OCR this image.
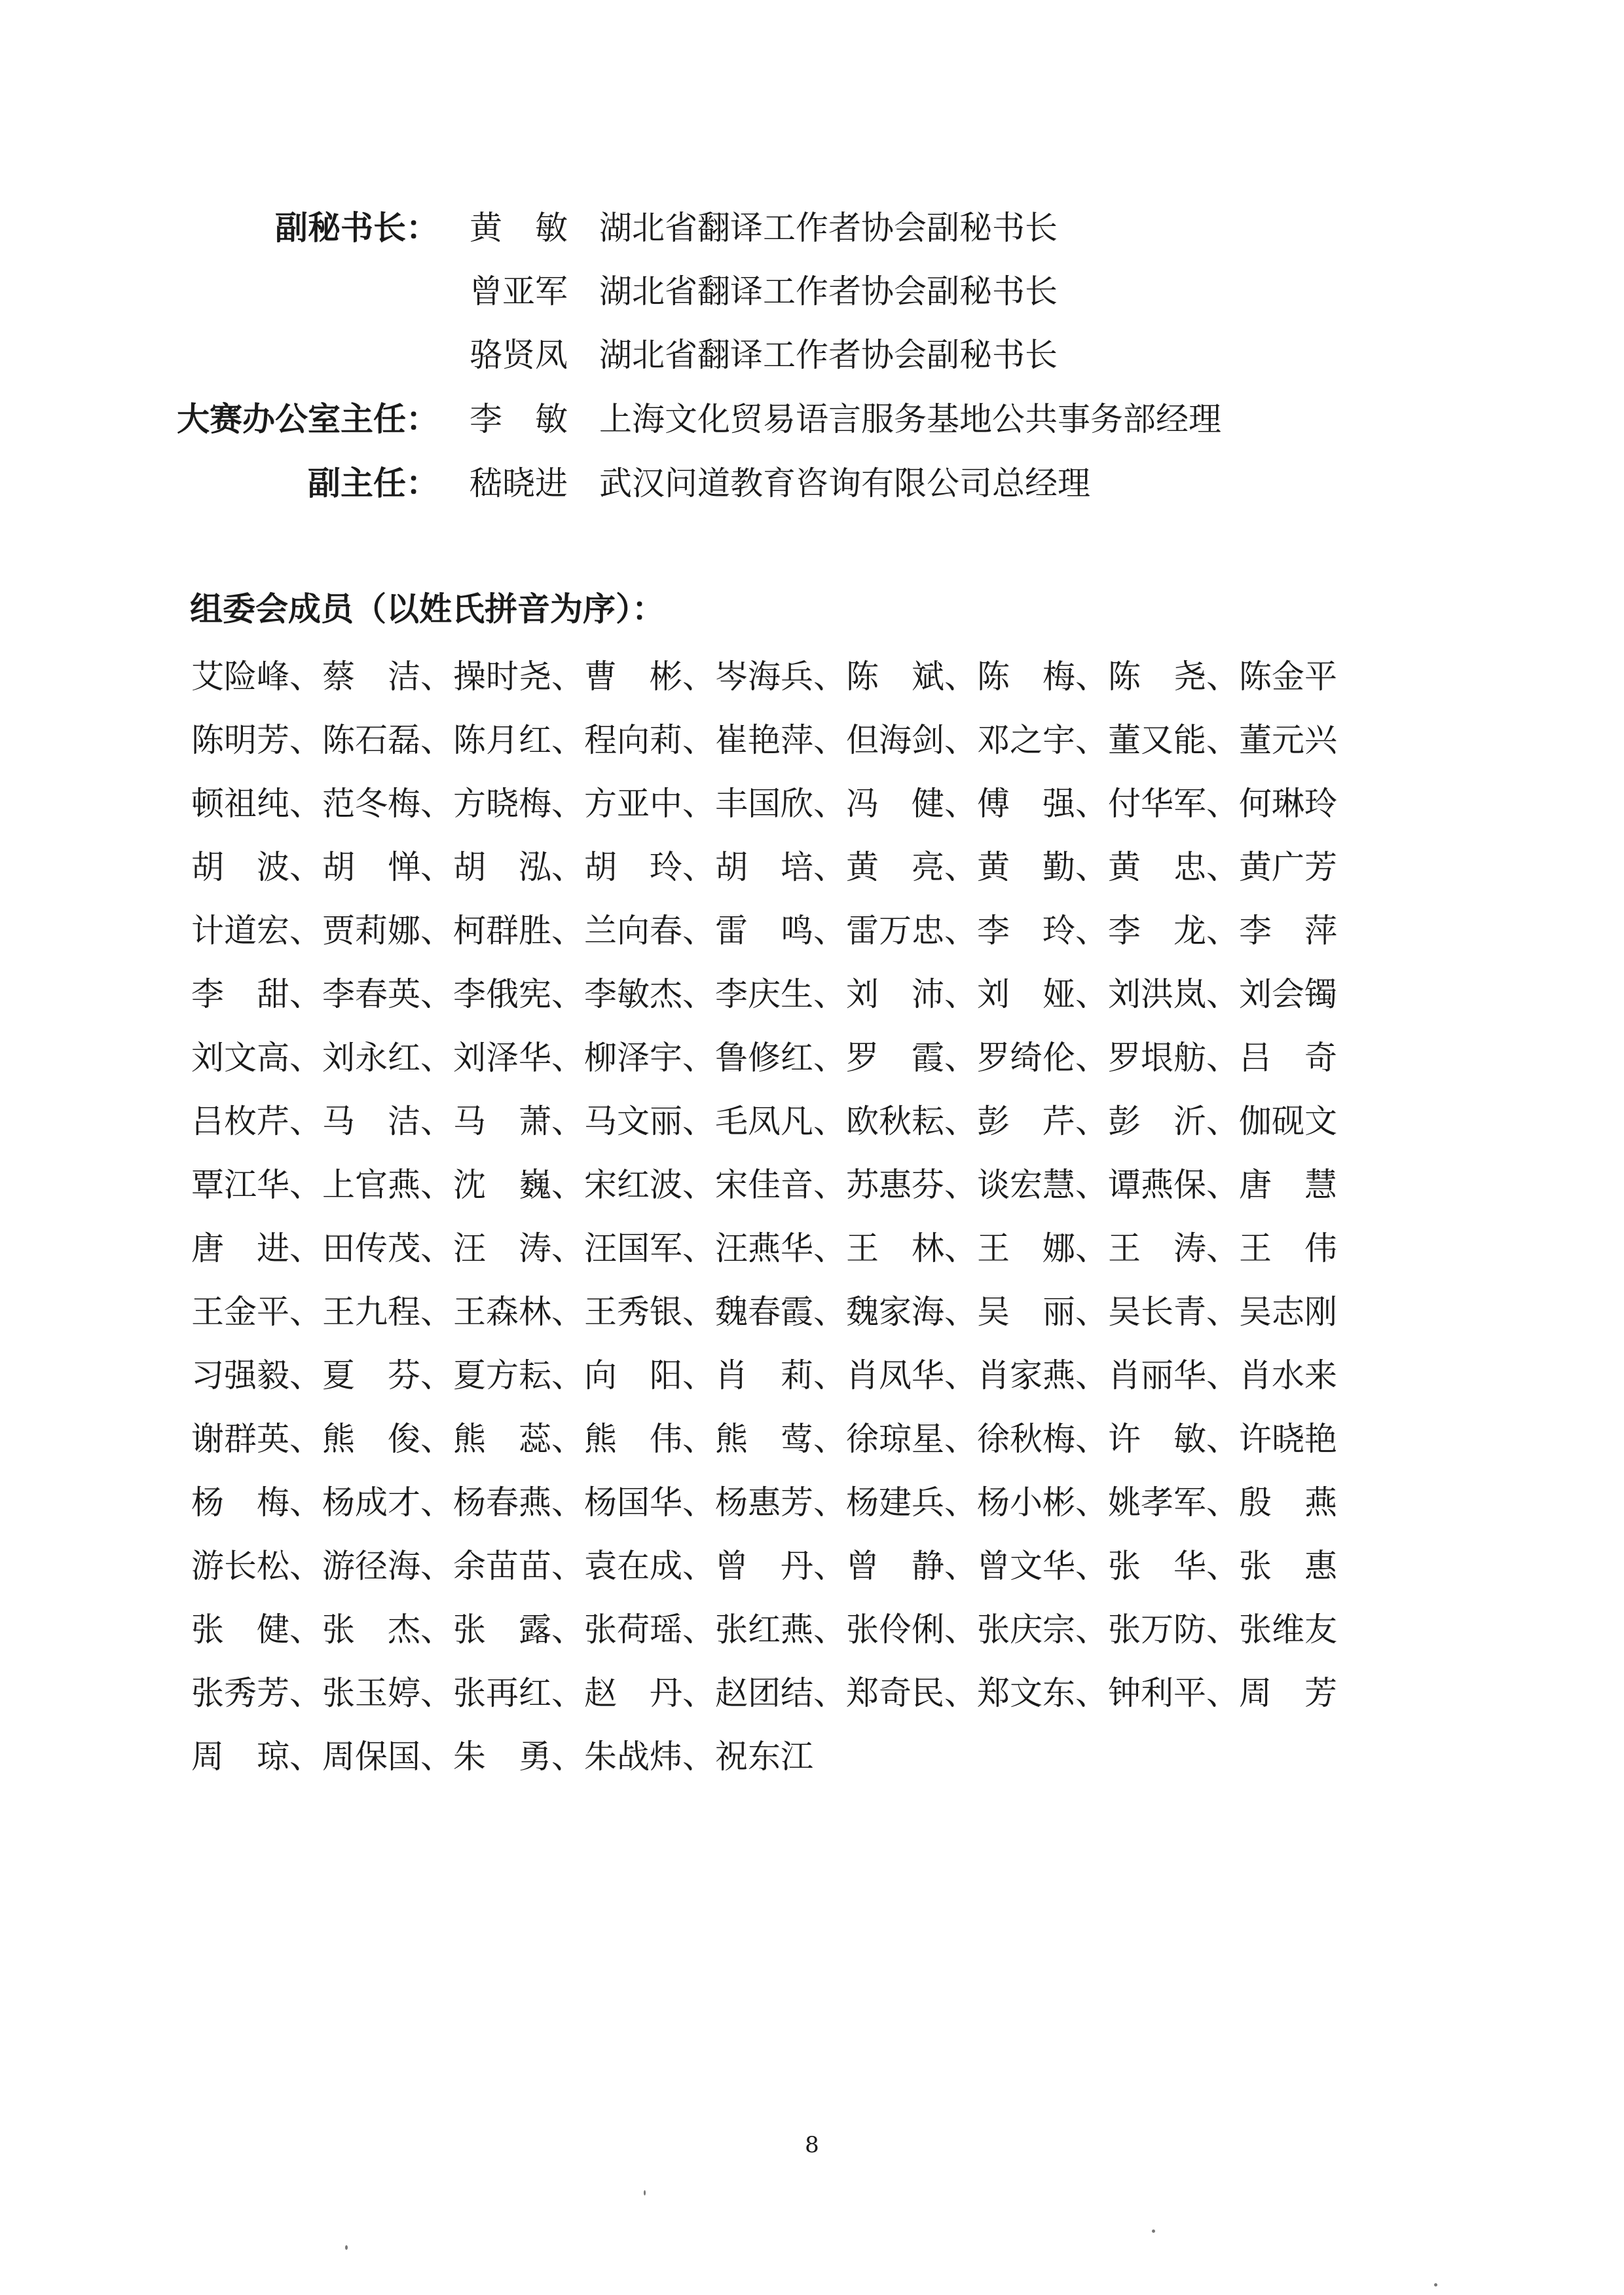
副秘书长： 黄敏 湖北省翻译工作者协会副秘书长
曾亚军 湖北省翻译工作者协会副秘书长
骆贤凤 湖北省翻译工作者协会副秘书长
大赛办公室主任： 李敏 上海文化贸易语言服务基地公共事务部经理
副主任： 嵇晓进 武汉问道教育咨询有限公司总经理
组委会成员（以姓氏拼音为序）：
艾险峰、 蔡洁、 操时尧、 曹彬、 岑海兵、 陈斌、 陈梅、 陈尧、 陈金平
陈明芳、 陈石磊、 陈月红、 程向莉、 崔艳萍、 但海剑、 邓之宇、 董又能、 董元兴
顿祖纯、 范冬梅、 方晓梅、 方亚中、 丰国欣、 冯健、 傅强、 付华军、 何琳玲
胡波、 胡惮、 胡泓、 胡玲、 胡培、 黄亮、 黄勤、 黄忠、 黄广芳
计道宏、 贾莉娜、 柯群胜、 兰向春、 雷鸣、 雷万忠、 李玲、 李龙、 李萍
李甜、 李春英、 李俄宪、 李敏杰、 李庆生、 刘沛、 刘娅、 刘洪岚、 刘会镯
刘文高、 刘永红、 刘泽华、 柳泽宇、 鲁修红、 罗霞、 罗绮伦、 罗垠舫、 吕奇
吕枚芹、 马洁、 马萧、 马文丽、 毛凤凡、 欧秋耘、 彭芹、 彭沂、 伽砚文
覃江华、 上官燕、 沈巍、 宋红波、 宋佳音、 苏惠芬、 谈宏慧、 谭燕保、 唐慧
唐进、 田传茂、 汪涛、 汪国军、 汪燕华、 王林、 王娜、 王涛、 王伟
王金平、 王九程、 王森林、 王秀银、 魏春霞、 魏家海、 吴丽、 吴长青、 吴志刚
习强毅、 夏芬、 夏方耘、 向阳、 肖莉、 肖凤华、 肖家燕、 肖丽华、 肖水来
谢群英、 熊俊、 熊蕊、 熊伟、 熊莺、 徐琼星、 徐秋梅、 许敏、 许晓艳
杨梅、 杨成才、 杨春燕、 杨国华、 杨惠芳、 杨建兵、 杨小彬、 姚孝军、 殷燕
游长松、 游径海、 余苗苗、 袁在成、 曾丹、 曾静、 曾文华、 张华、 张惠
张健、 张杰、 张露、 张荷瑶、 张红燕、 张伶俐、 张庆宗、 张万防、 张维友
张秀芳、 张玉婷、 张再红、 赵丹、 赵团结、 郑奇民、 郑文东、 钟利平、 周芳
周琼、 周保国、 朱勇、 朱战炜、 祝东江
8
